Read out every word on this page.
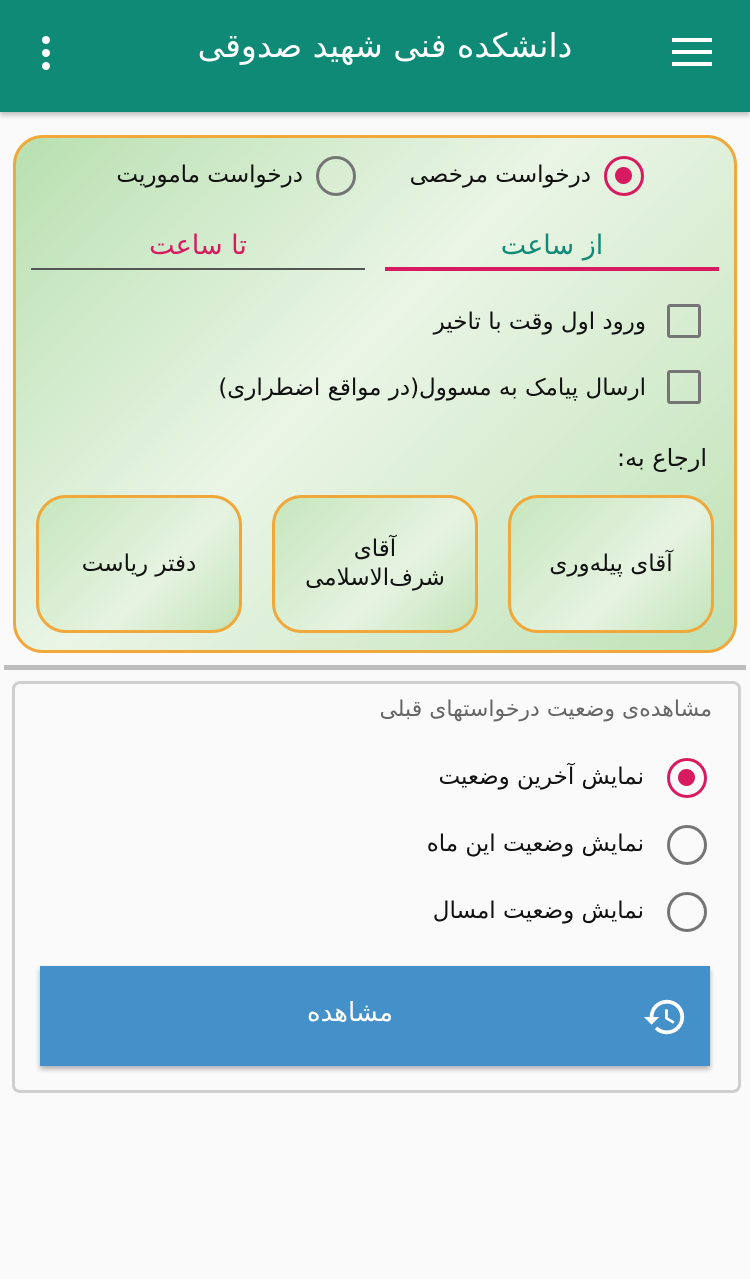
دانشکده فنی شهید صدوقی
درخواست مرخصی
درخواست ماموریت
از ساعت
تا ساعت
ورود اول وقت با تاخیر
ارسال پیامک به مسوول(در مواقع اضطراری)
ارجاع به:
آقای پیله‌وری
آقای
شرف‌الاسلامی
دفتر ریاست
مشاهده‌ی وضعیت درخواستهای قبلی
نمایش آخرین وضعیت
نمایش وضعیت این ماه
نمایش وضعیت امسال
مشاهده
